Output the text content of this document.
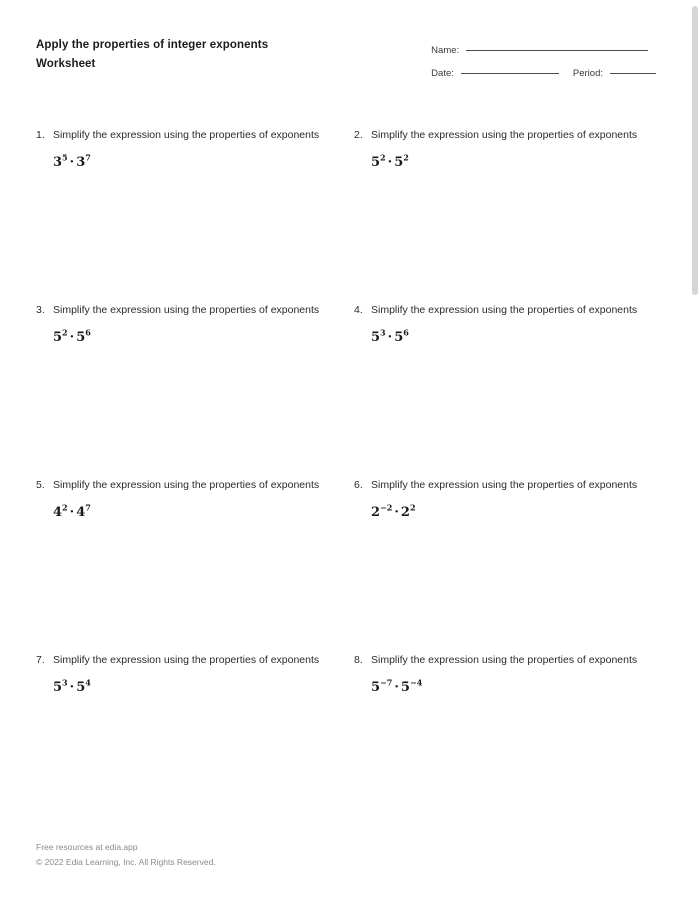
Apply the properties of integer exponents
Worksheet
Name:
Date:	Period:
1. Simplify the expression using the properties of exponents
$3^5 \cdot 3^7$
2. Simplify the expression using the properties of exponents
$5^2 \cdot 5^2$
3. Simplify the expression using the properties of exponents
$5^2 \cdot 5^6$
4. Simplify the expression using the properties of exponents
$5^3 \cdot 5^6$
5. Simplify the expression using the properties of exponents
$4^2 \cdot 4^7$
6. Simplify the expression using the properties of exponents
$2^{-2} \cdot 2^2$
7. Simplify the expression using the properties of exponents
$5^3 \cdot 5^4$
8. Simplify the expression using the properties of exponents
$5^{-7} \cdot 5^{-4}$
Free resources at edia.app
© 2022 Edia Learning, Inc. All Rights Reserved.
